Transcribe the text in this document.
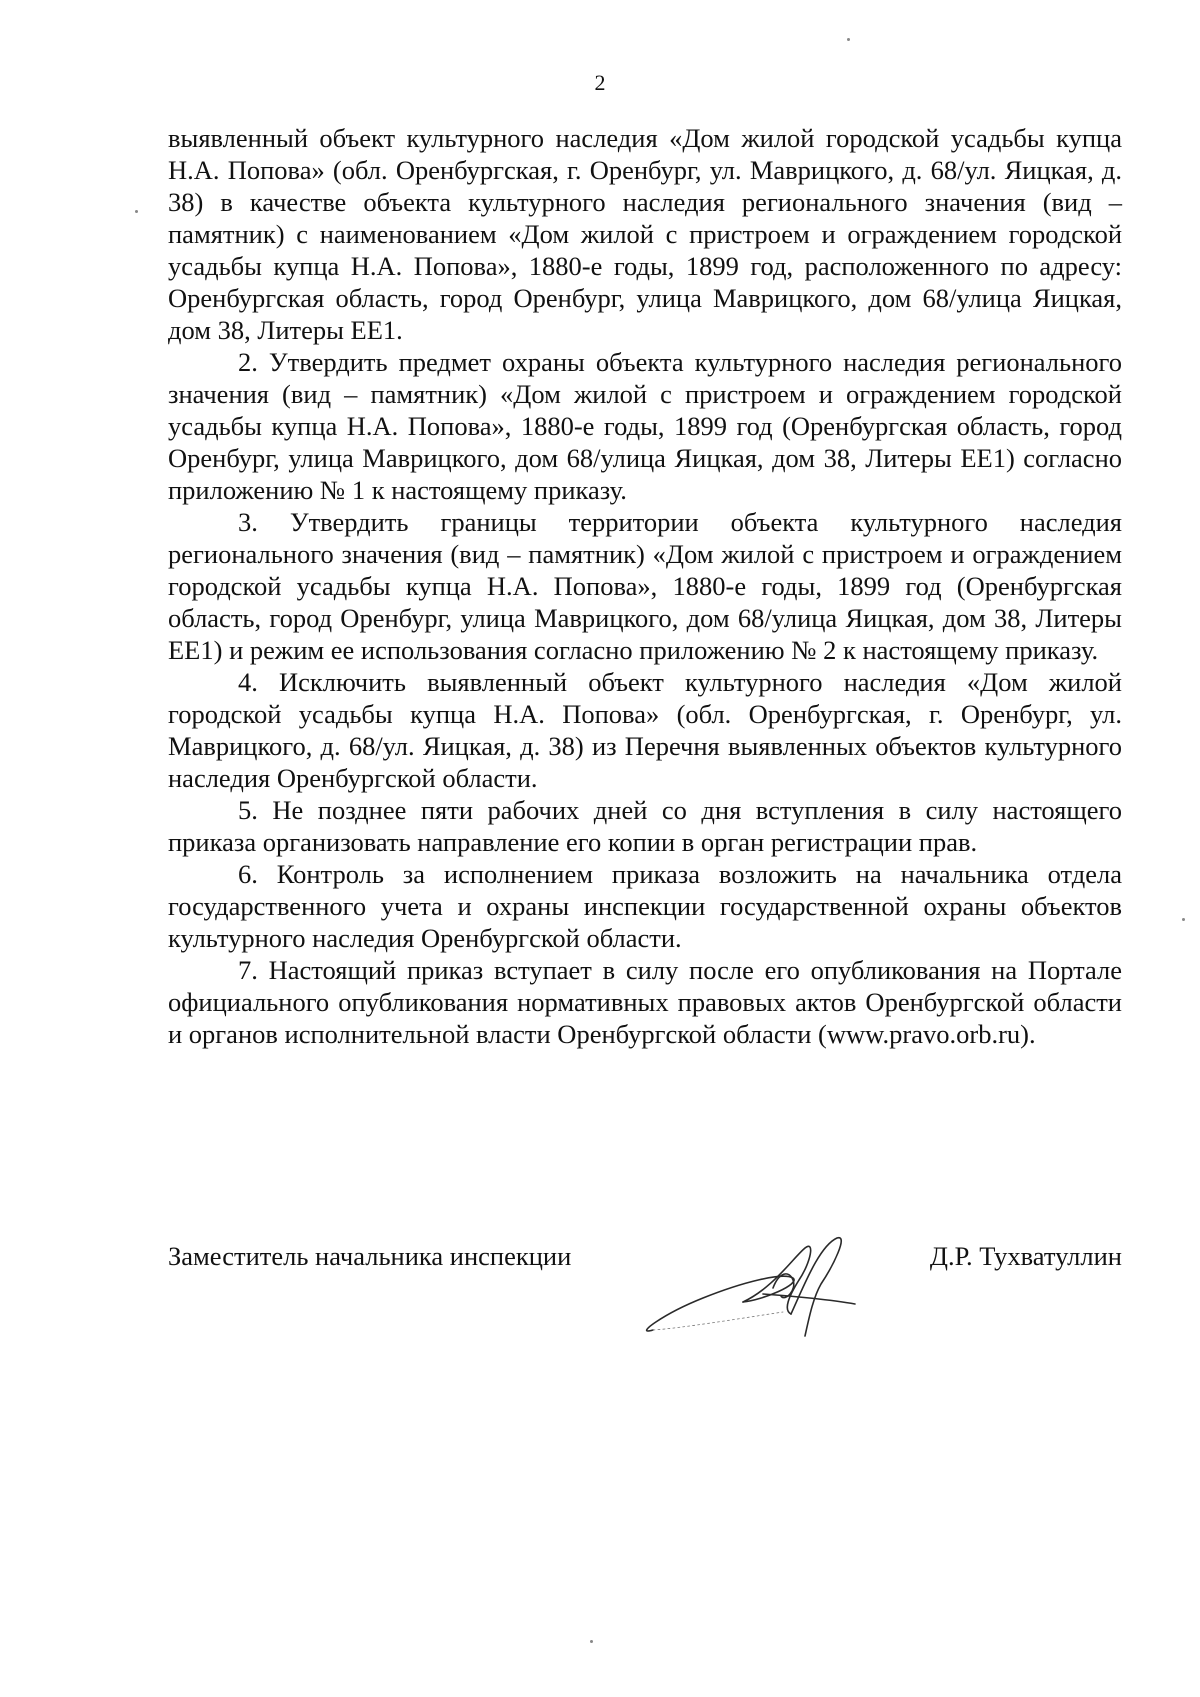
2

выявленный объект культурного наследия «Дом жилой городской усадьбы купца Н.А. Попова» (обл. Оренбургская, г. Оренбург, ул. Маврицкого, д. 68/ул. Яицкая, д. 38) в качестве объекта культурного наследия регионального значения (вид – памятник) с наименованием «Дом жилой с пристроем и ограждением городской усадьбы купца Н.А. Попова», 1880-е годы, 1899 год, расположенного по адресу: Оренбургская область, город Оренбург, улица Маврицкого, дом 68/улица Яицкая, дом 38, Литеры ЕЕ1.

2. Утвердить предмет охраны объекта культурного наследия регионального значения (вид – памятник) «Дом жилой с пристроем и ограждением городской усадьбы купца Н.А. Попова», 1880-е годы, 1899 год (Оренбургская область, город Оренбург, улица Маврицкого, дом 68/улица Яицкая, дом 38, Литеры ЕЕ1) согласно приложению № 1 к настоящему приказу.

3. Утвердить границы территории объекта культурного наследия регионального значения (вид – памятник) «Дом жилой с пристроем и ограждением городской усадьбы купца Н.А. Попова», 1880-е годы, 1899 год (Оренбургская область, город Оренбург, улица Маврицкого, дом 68/улица Яицкая, дом 38, Литеры ЕЕ1) и режим ее использования согласно приложению № 2 к настоящему приказу.

4. Исключить выявленный объект культурного наследия «Дом жилой городской усадьбы купца Н.А. Попова» (обл. Оренбургская, г. Оренбург, ул. Маврицкого, д. 68/ул. Яицкая, д. 38) из Перечня выявленных объектов культурного наследия Оренбургской области.

5. Не позднее пяти рабочих дней со дня вступления в силу настоящего приказа организовать направление его копии в орган регистрации прав.

6. Контроль за исполнением приказа возложить на начальника отдела государственного учета и охраны инспекции государственной охраны объектов культурного наследия Оренбургской области.

7. Настоящий приказ вступает в силу после его опубликования на Портале официального опубликования нормативных правовых актов Оренбургской области и органов исполнительной власти Оренбургской области (www.pravo.orb.ru).

Заместитель начальника инспекции	Д.Р. Тухватуллин
